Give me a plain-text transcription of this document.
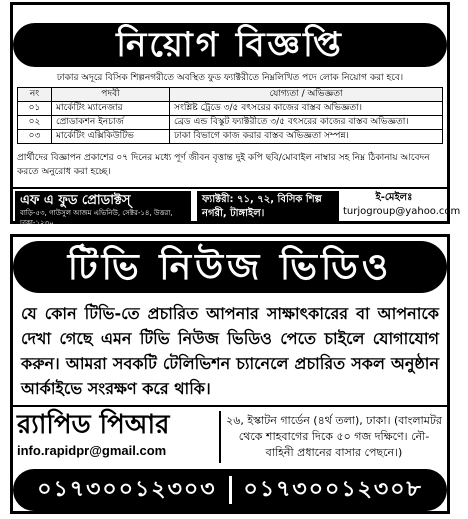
নিয়োগ বিজ্ঞপ্তি
ঢাকার অদূরে বিসিক শিল্পনগরীতে অবস্থিত ফুড ফ্যাক্টরীতে নিম্নলিখিত পদে লোক নিয়োগ করা হবে।
নং	পদবী	যোগ্যতা / অভিজ্ঞতা
০১	মার্কেটিং ম্যানেজার	সংশ্লিষ্ট ট্রেডে ৩/৫ বৎসরের কাজের বাস্তব অভিজ্ঞতা।
০২	প্রোডাকশন ইনচার্জ	ব্রেড এন্ড বিস্কুট ফ্যাক্টরীতে ৩/৫ বৎসরের কাজের বাস্তব অভিজ্ঞতা।
০৩	মার্কেটিং এক্সিকিউটিভ	ঢাকা বিভাগে কাজ করার বাস্তব অভিজ্ঞতা সম্পন্ন।
প্রার্থীদের বিজ্ঞাপন প্রকাশের ০৭ দিনের মধ্যে পূর্ণ জীবন বৃত্তান্ত দুই কপি ছবি/মোবাইল নাম্বার সহ নিম্ন ঠিকানায় আবেদন করতে অনুরোধ করা হচ্ছে।
এফ এ ফুড প্রোডাক্টস্‌
বাড়ি-৫৩, গাউসুল আজম এভিনিউ, সেক্টর-১৪, উত্তরা, ঢাকা-১২৩০
ফ্যাক্টরী: ৭১, ৭২, বিসিক শিল্প নগরী, টাঙ্গাইল।
ই-মেইলঃ
turjogroup@yahoo.com
টিভি নিউজ ভিডিও
যে কোন টিভি-তে প্রচারিত আপনার সাক্ষাৎকারের বা আপনাকে দেখা গেছে এমন টিভি নিউজ ভিডিও পেতে চাইলে যোগাযোগ করুন। আমরা সবকটি টেলিভিশন চ্যানেলে প্রচারিত সকল অনুষ্ঠান আর্কাইভে সংরক্ষণ করে থাকি।
র‍্যাপিড পিআর
info.rapidpr@gmail.com
২৬, ইস্কাটন গার্ডেন (৪র্থ তলা), ঢাকা। (বাংলামটর থেকে শাহবাগের দিকে ৫০ গজ দক্ষিণে। নৌ-বাহিনী প্রধানের বাসার পেছনে।)
০১৭৩০০১২৩০৩ ০১৭৩০০১২৩০৮
